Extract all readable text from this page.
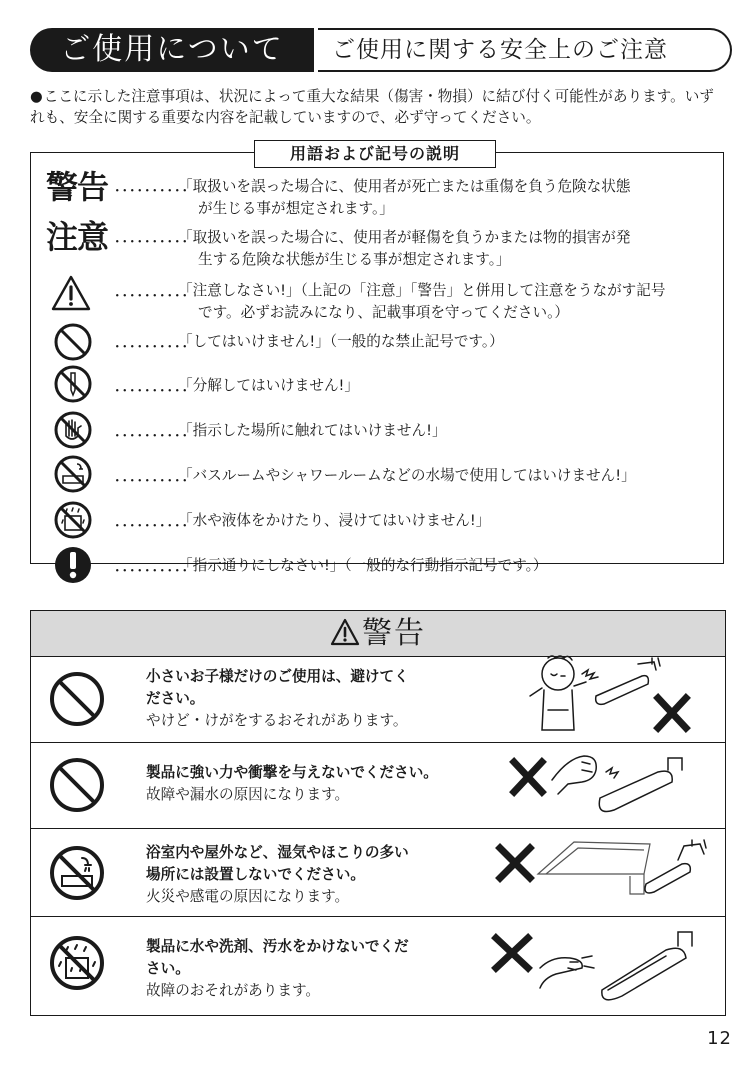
ご使用について	ご使用に関する安全上のご注意
●ここに示した注意事項は、状況によって重大な結果（傷害・物損）に結び付く可能性があります。いずれも、安全に関する重要な内容を記載していますので、必ず守ってください。
用語および記号の説明
警告 ･･････････
「取扱いを誤った場合に、使用者が死亡または重傷を負う危険な状態
が生じる事が想定されます。」
注意 ･･････････
「取扱いを誤った場合に、使用者が軽傷を負うかまたは物的損害が発
生する危険な状態が生じる事が想定されます。」
･･････････
「注意しなさい!」（上記の「注意」「警告」と併用して注意をうながす記号
です。必ずお読みになり、記載事項を守ってください。）
･･････････
「してはいけません!」（一般的な禁止記号です。）
･･････････
「分解してはいけません!」
･･････････
「指示した場所に触れてはいけません!」
･･････････
「バスルームやシャワールームなどの水場で使用してはいけません!」
･･････････
「水や液体をかけたり、浸けてはいけません!」
･･････････
「指示通りにしなさい!」（一般的な行動指示記号です。）
警告
小さいお子様だけのご使用は、避けてく
ださい。
やけど・けがをするおそれがあります。
製品に強い力や衝撃を与えないでください。
故障や漏水の原因になります。
浴室内や屋外など、湿気やほこりの多い
場所には設置しないでください。
火災や感電の原因になります。
製品に水や洗剤、汚水をかけないでくだ
さい。
故障のおそれがあります。
12
